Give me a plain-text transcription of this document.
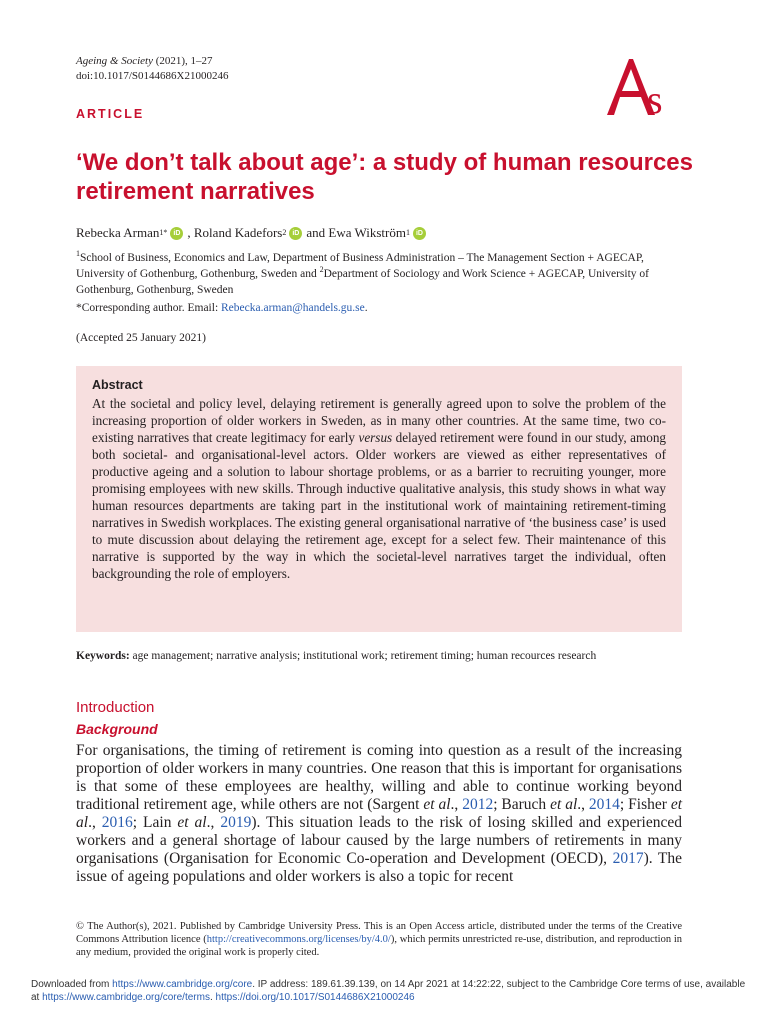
Ageing & Society (2021), 1–27
doi:10.1017/S0144686X21000246
s
ARTICLE
‘We don’t talk about age’: a study of human resources retirement narratives
Rebecka Arman 1* iD , Roland Kadefors 2 iD and
Ewa Wikström 1 iD
$^1$School of Business, Economics and Law, Department of Business Administration – The Management Section + AGECAP, University of Gothenburg, Gothenburg, Sweden and $^2$Department of Sociology and Work Science + AGECAP, University of Gothenburg, Gothenburg, Sweden
*Corresponding author. Email: Rebecka.arman@handels.gu.se.
(Accepted 25 January 2021)
Abstract
At the societal and policy level, delaying retirement is generally agreed upon to solve the problem of the increasing proportion of older workers in Sweden, as in many other countries. At the same time, two co-existing narratives that create legitimacy for early versus delayed retirement were found in our study, among both societal- and organisational-level actors. Older workers are viewed as either representatives of productive ageing and a solution to labour shortage problems, or as a barrier to recruiting younger, more promising employees with new skills. Through inductive qualitative analysis, this study shows in what way human resources departments are taking part in the institutional work of maintaining retirement-timing narratives in Swedish workplaces. The existing general organisational narrative of ‘the business case’ is used to mute discussion about delaying the retirement age, except for a select few. Their maintenance of this narrative is supported by the way in which the societal-level narratives target the individual, often backgrounding the role of employers.
Keywords: age management; narrative analysis; institutional work; retirement timing; human recources research
Introduction
Background
For organisations, the timing of retirement is coming into question as a result of the increasing proportion of older workers in many countries. One reason that this is important for organisations is that some of these employees are healthy, willing and able to continue working beyond traditional retirement age, while others are not (Sargent et al., 2012; Baruch et al., 2014; Fisher et al., 2016; Lain et al., 2019). This situation leads to the risk of losing skilled and experienced workers and a general shortage of labour caused by the large numbers of retirements in many organisations (Organisation for Economic Co-operation and Development (OECD), 2017). The issue of ageing populations and older workers is also a topic for recent
© The Author(s), 2021. Published by Cambridge University Press. This is an Open Access article, distributed under the terms of the Creative Commons Attribution licence (http://creativecommons.org/licenses/by/4.0/), which permits unrestricted re-use, distribution, and reproduction in any medium, provided the original work is properly cited.
Downloaded from https://www.cambridge.org/core. IP address: 189.61.39.139, on 14 Apr 2021 at 14:22:22, subject to the Cambridge Core terms of use, available at https://www.cambridge.org/core/terms. https://doi.org/10.1017/S0144686X21000246
